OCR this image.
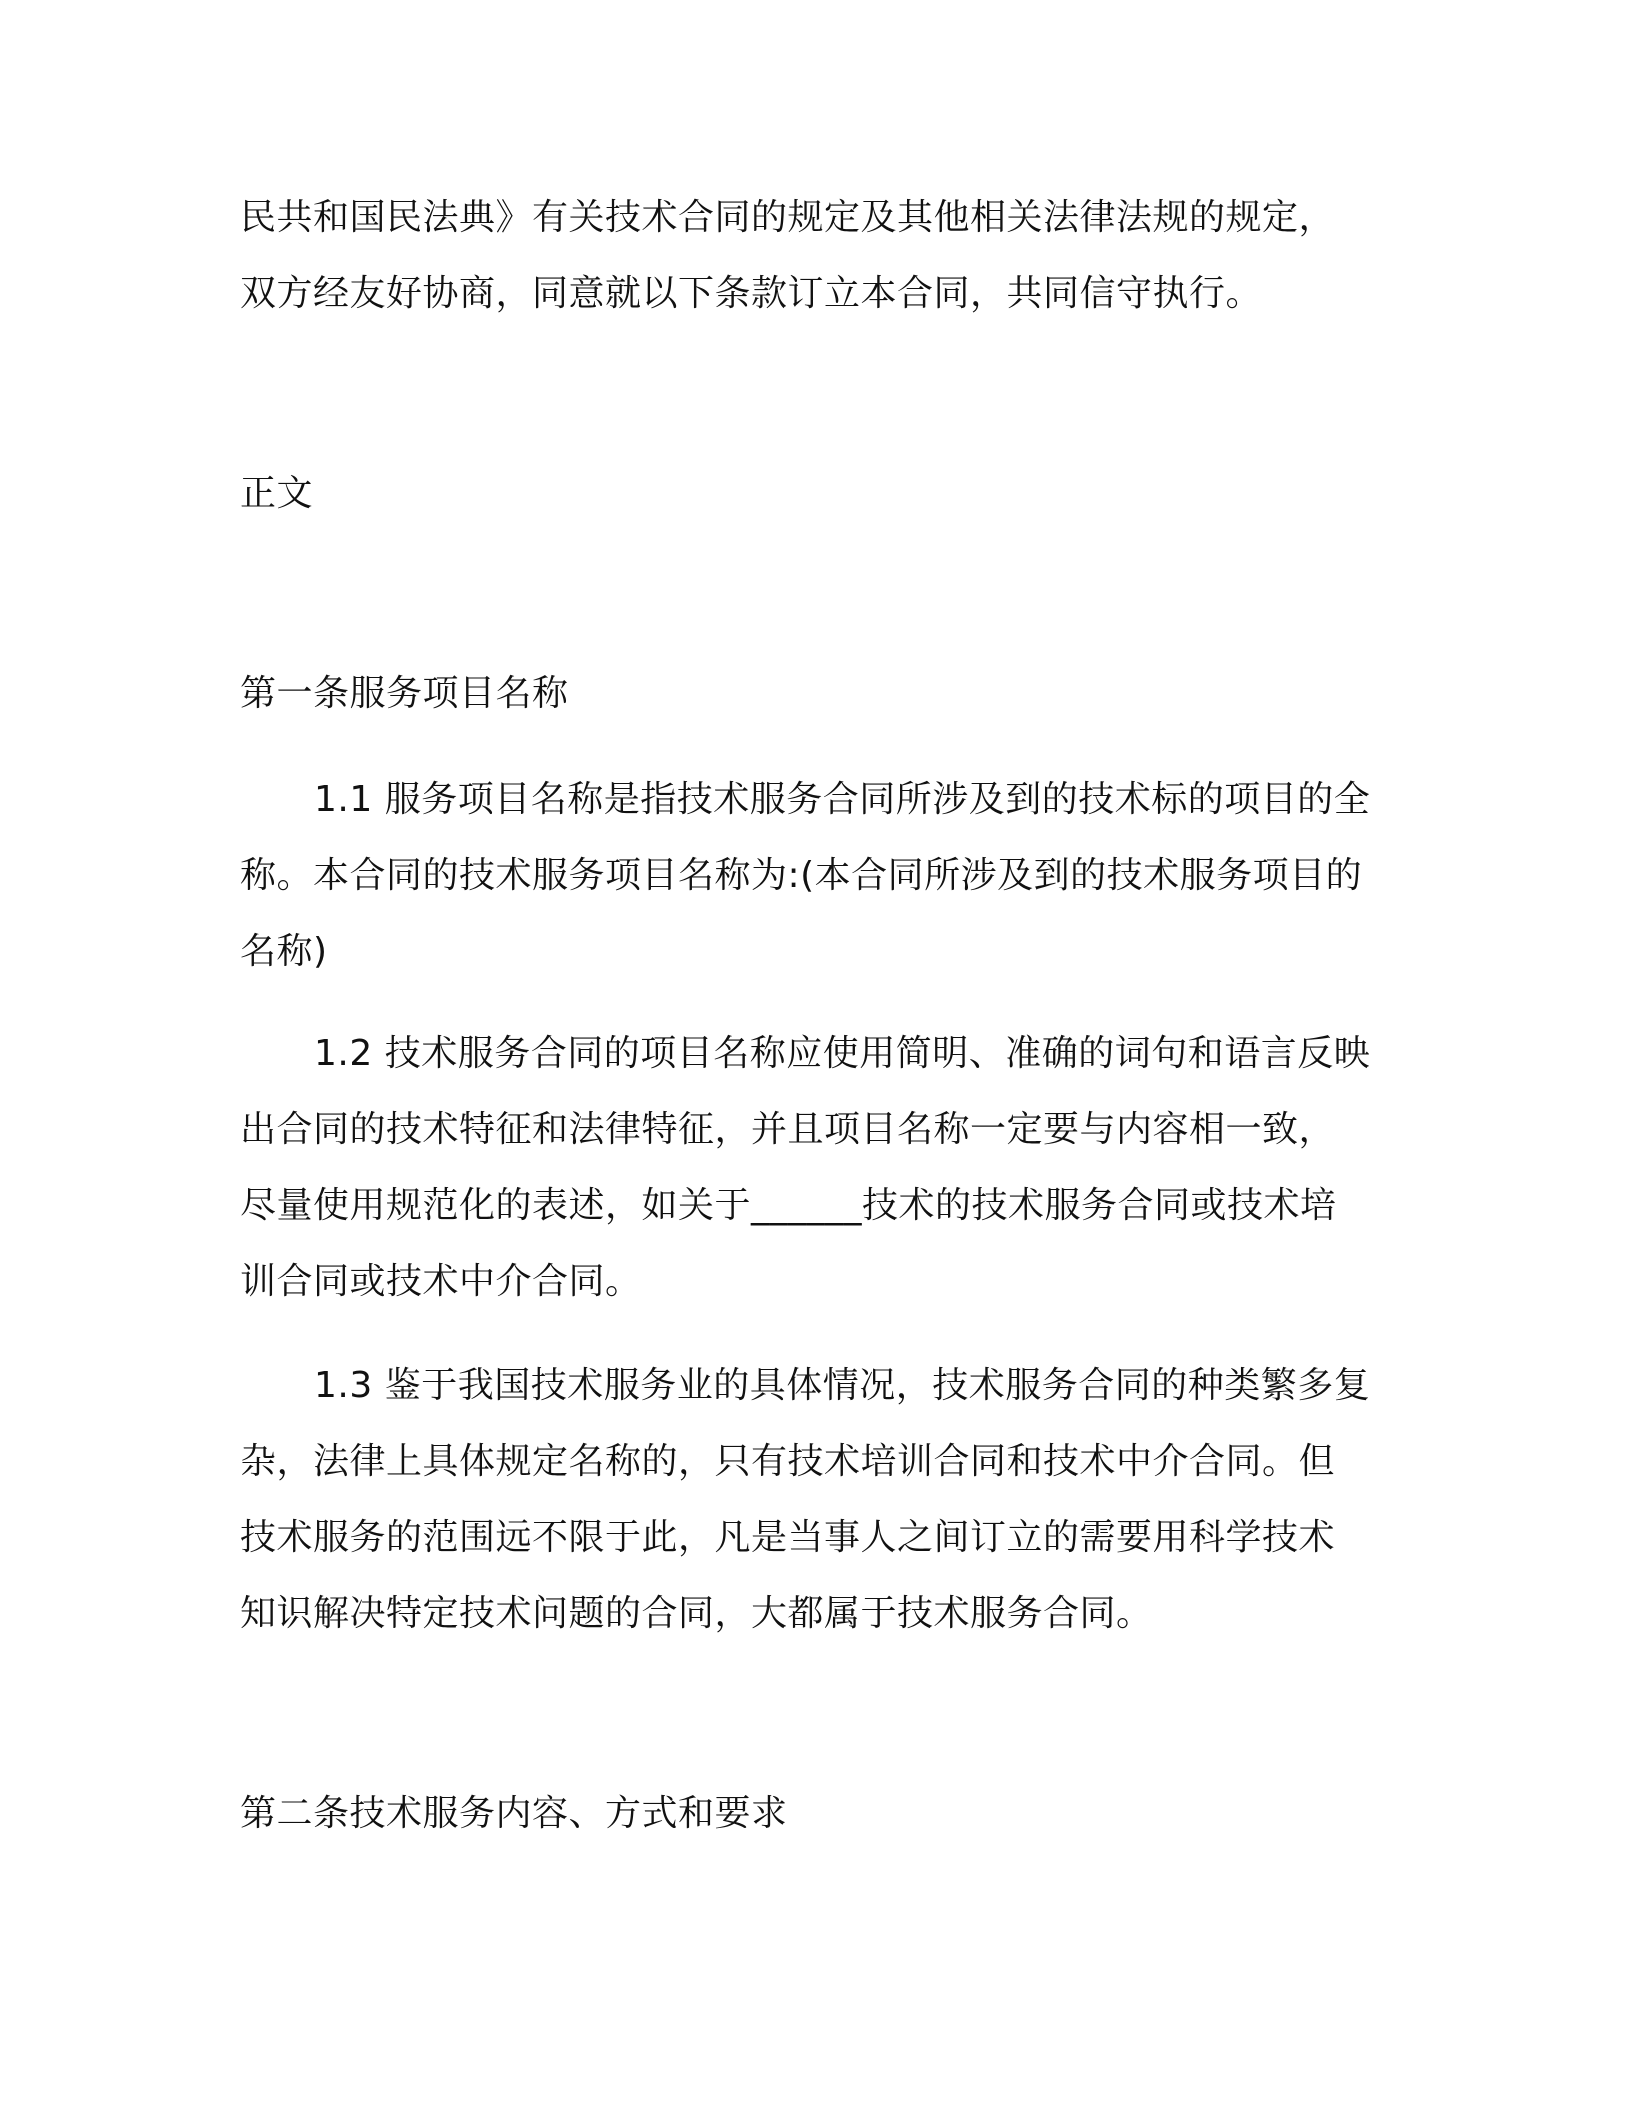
民共和国民法典》有关技术合同的规定及其他相关法律法规的规定，
双方经友好协商，同意就以下条款订立本合同，共同信守执行。
正文
第一条服务项目名称
1.1 服务项目名称是指技术服务合同所涉及到的技术标的项目的全
称。本合同的技术服务项目名称为:(本合同所涉及到的技术服务项目的
名称)
1.2 技术服务合同的项目名称应使用简明、准确的词句和语言反映
出合同的技术特征和法律特征，并且项目名称一定要与内容相一致，
尽量使用规范化的表述，如关于______技术的技术服务合同或技术培
训合同或技术中介合同。
1.3 鉴于我国技术服务业的具体情况，技术服务合同的种类繁多复
杂，法律上具体规定名称的，只有技术培训合同和技术中介合同。但
技术服务的范围远不限于此，凡是当事人之间订立的需要用科学技术
知识解决特定技术问题的合同，大都属于技术服务合同。
第二条技术服务内容、方式和要求
